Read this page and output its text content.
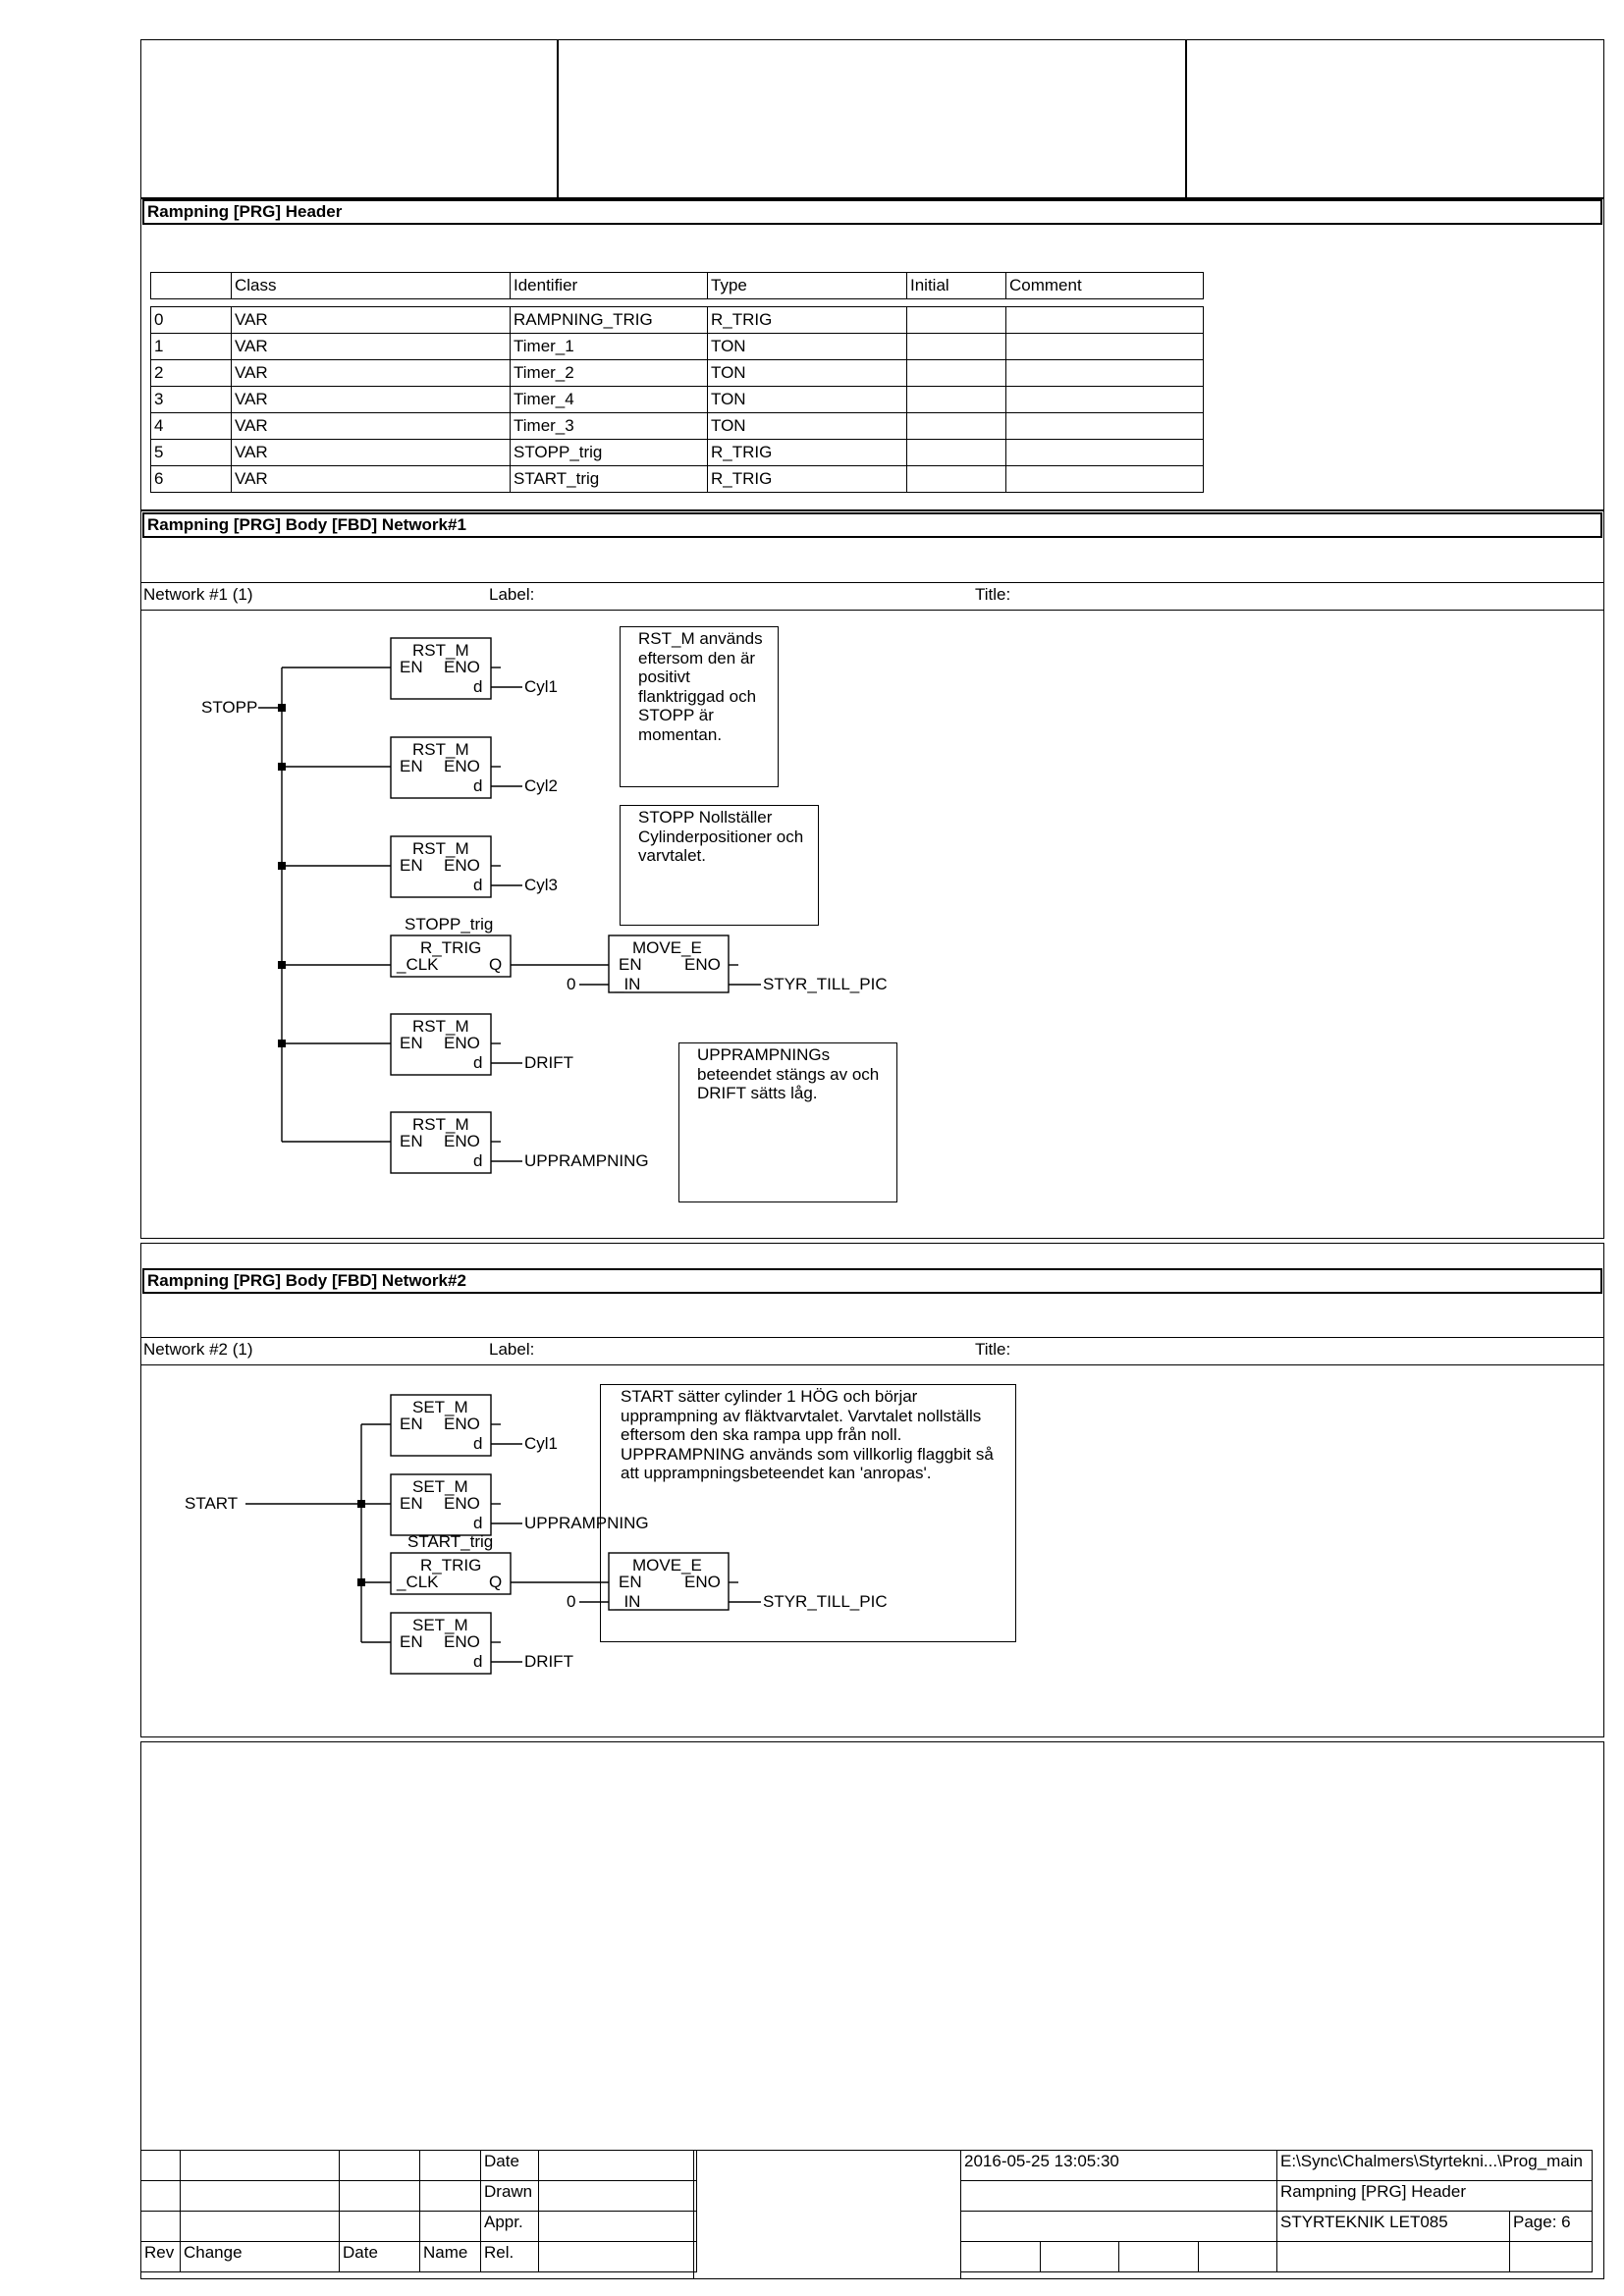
Rampning [PRG] Header
	Class	Identifier	Type	Initial	Comment

0	VAR	RAMPNING_TRIG	R_TRIG		
1	VAR	Timer_1	TON		
2	VAR	Timer_2	TON		
3	VAR	Timer_4	TON		
4	VAR	Timer_3	TON		
5	VAR	STOPP_trig	R_TRIG		
6	VAR	START_trig	R_TRIG		
Rampning [PRG] Body [FBD] Network#1
Network #1 (1)	Label:	Title:
Rampning [PRG] Body [FBD] Network#2
Network #2 (1)	Label:	Title:
STOPP
RST_M
EN ENO
d	Cyl1
RST_M
EN ENO
d	Cyl2
RST_M
EN ENO
d	Cyl3
STOPP_trig
R_TRIG
_CLK	Q
MOVE_E
EN	ENO
_IN
0	STYR_TILL_PIC
RST_M
EN ENO
d	DRIFT
RST_M
EN ENO
d	UPPRAMPNING
RST_M används
eftersom den är
positivt
flanktriggad och
STOPP är
momentan.
STOPP Nollställer
Cylinderpositioner och
varvtalet.
UPPRAMPNINGs
beteendet stängs av och
DRIFT sätts låg.
START
SET_M
EN ENO
d	Cyl1
SET_M
EN ENO
d	UPPRAMPNING
START_trig
R_TRIG
_CLK	Q
MOVE_E
EN	ENO
_IN
0	STYR_TILL_PIC
SET_M
EN ENO
d	DRIFT
START sätter cylinder 1 HÖG och börjar
upprampning av fläktvarvtalet. Varvtalet nollställs
eftersom den ska rampa upp från noll.
UPPRAMPNING används som villkorlig flaggbit så
att upprampningsbeteendet kan 'anropas'.
				Date	
				Drawn	
				Appr.	
Rev	Change	Date	Name	Rel.	
2016-05-25 13:05:30				E:\Sync\Chalmers\Styrtekni...\Prog_main	
				Rampning [PRG] Header	
				STYRTEKNIK LET085	Page: 6
